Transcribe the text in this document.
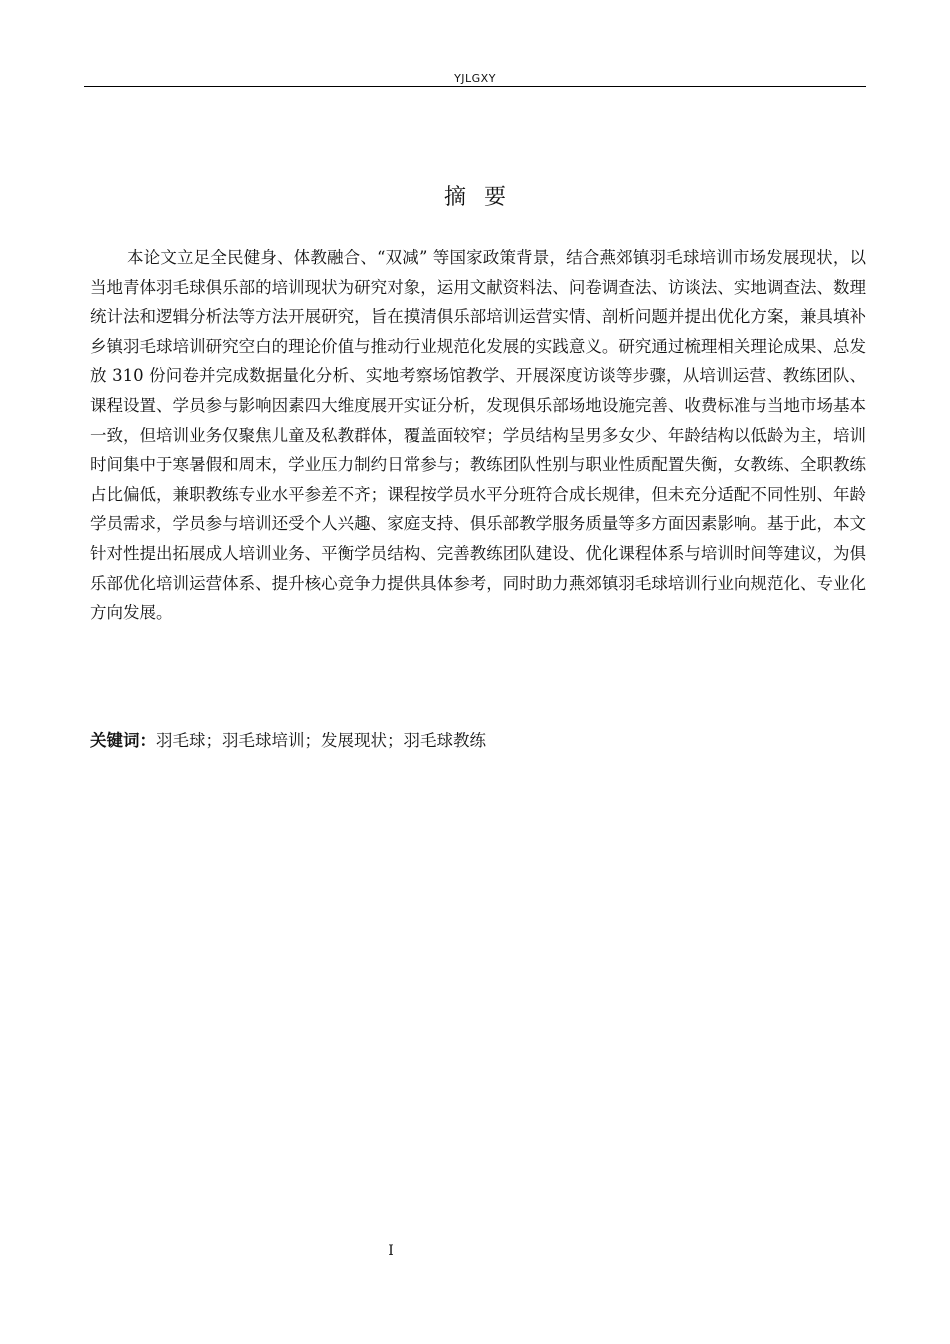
YJLGXY
摘要

本论文立足全民健身、体教融合、“双减” 等国家政策背景，结合燕郊镇羽毛球培训市场发展现状，以当地青体羽毛球俱乐部的培训现状为研究对象，运用文献资料法、问卷调查法、访谈法、实地调查法、数理统计法和逻辑分析法等方法开展研究，旨在摸清俱乐部培训运营实情、剖析问题并提出优化方案，兼具填补乡镇羽毛球培训研究空白的理论价值与推动行业规范化发展的实践意义。研究通过梳理相关理论成果、总发放 310 份问卷并完成数据量化分析、实地考察场馆教学、开展深度访谈等步骤，从培训运营、教练团队、课程设置、学员参与影响因素四大维度展开实证分析，发现俱乐部场地设施完善、收费标准与当地市场基本一致，但培训业务仅聚焦儿童及私教群体，覆盖面较窄；学员结构呈男多女少、年龄结构以低龄为主，培训时间集中于寒暑假和周末，学业压力制约日常参与；教练团队性别与职业性质配置失衡，女教练、全职教练占比偏低，兼职教练专业水平参差不齐；课程按学员水平分班符合成长规律，但未充分适配不同性别、年龄学员需求，学员参与培训还受个人兴趣、家庭支持、俱乐部教学服务质量等多方面因素影响。基于此，本文针对性提出拓展成人培训业务、平衡学员结构、完善教练团队建设、优化课程体系与培训时间等建议，为俱乐部优化培训运营体系、提升核心竞争力提供具体参考，同时助力燕郊镇羽毛球培训行业向规范化、专业化方向发展。

关键词：羽毛球；羽毛球培训；发展现状；羽毛球教练

I
